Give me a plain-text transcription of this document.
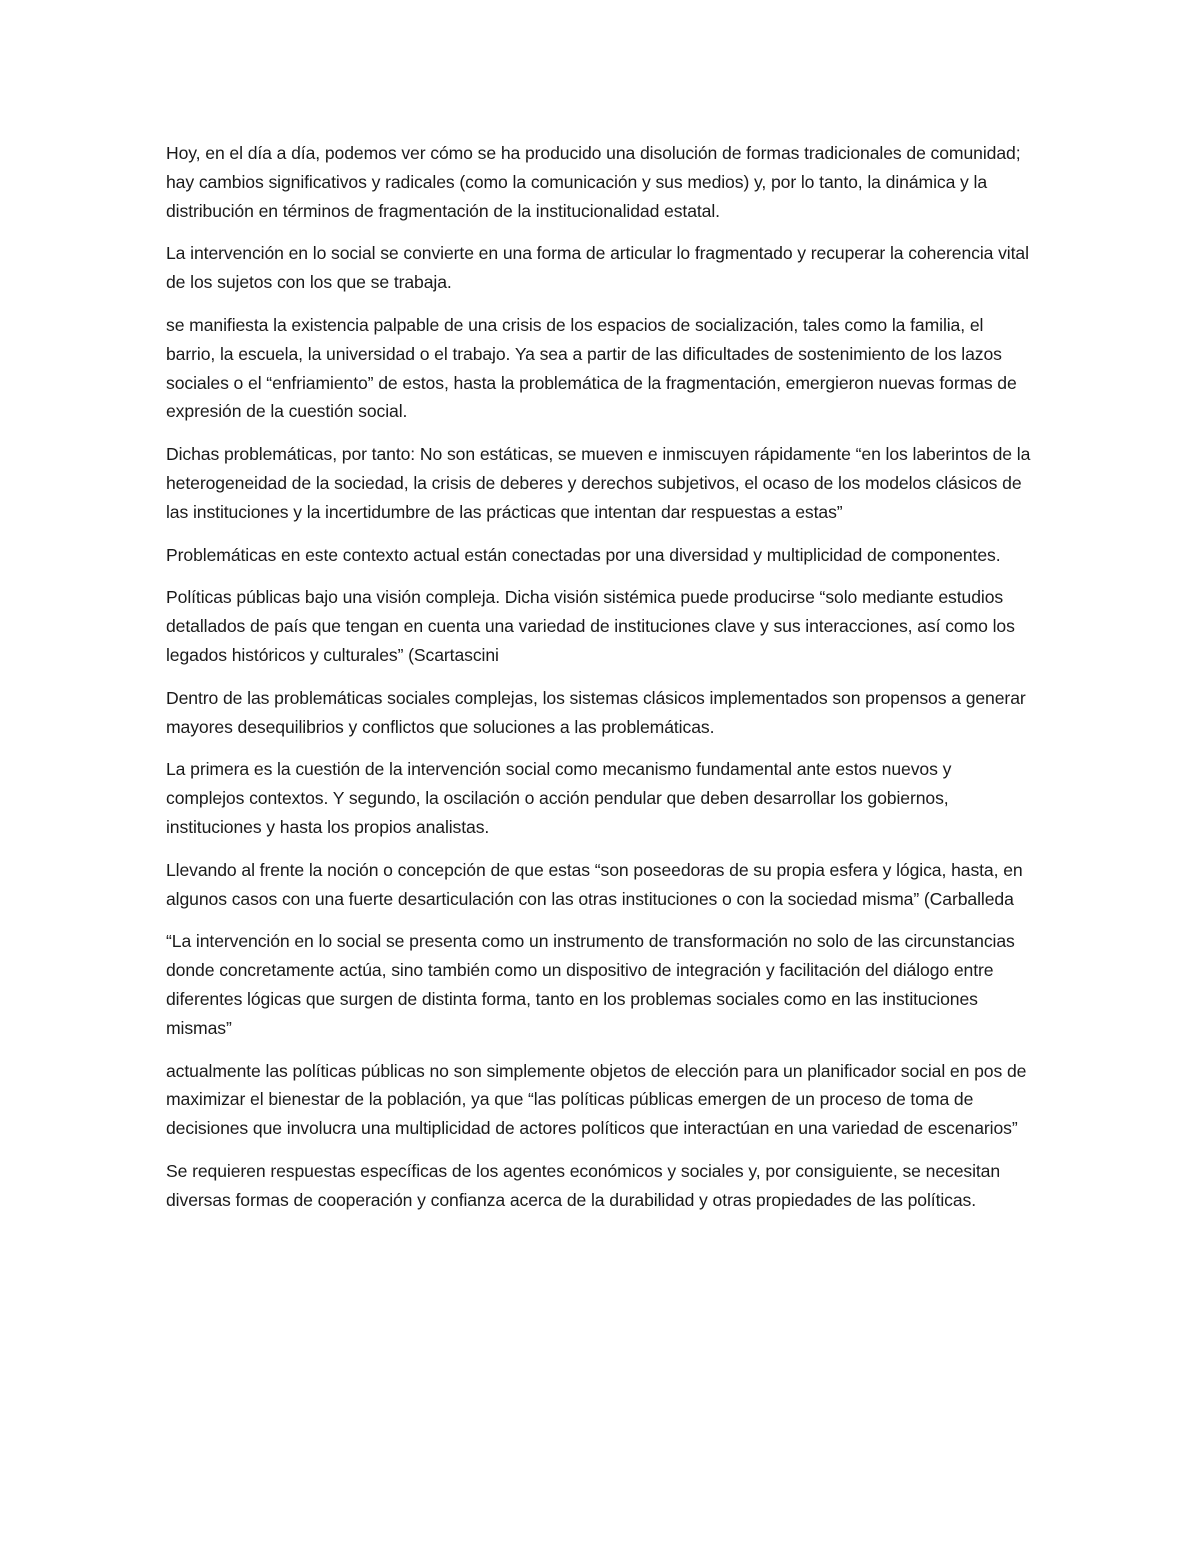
Hoy, en el día a día, podemos ver cómo se ha producido una disolución de formas tradicionales de comunidad; hay cambios significativos y radicales (como la comunicación y sus medios) y, por lo tanto, la dinámica y la distribución en términos de fragmentación de la institucionalidad estatal.

La intervención en lo social se convierte en una forma de articular lo fragmentado y recuperar la coherencia vital de los sujetos con los que se trabaja.

se manifiesta la existencia palpable de una crisis de los espacios de socialización, tales como la familia, el barrio, la escuela, la universidad o el trabajo. Ya sea a partir de las dificultades de sostenimiento de los lazos sociales o el “enfriamiento” de estos, hasta la problemática de la fragmentación, emergieron nuevas formas de expresión de la cuestión social.

Dichas problemáticas, por tanto: No son estáticas, se mueven e inmiscuyen rápidamente “en los laberintos de la heterogeneidad de la sociedad, la crisis de deberes y derechos subjetivos, el ocaso de los modelos clásicos de las instituciones y la incertidumbre de las prácticas que intentan dar respuestas a estas”

Problemáticas en este contexto actual están conectadas por una diversidad y multiplicidad de componentes.

Políticas públicas bajo una visión compleja. Dicha visión sistémica puede producirse “solo mediante estudios detallados de país que tengan en cuenta una variedad de instituciones clave y sus interacciones, así como los legados históricos y culturales” (Scartascini

Dentro de las problemáticas sociales complejas, los sistemas clásicos implementados son propensos a generar mayores desequilibrios y conflictos que soluciones a las problemáticas.

La primera es la cuestión de la intervención social como mecanismo fundamental ante estos nuevos y complejos contextos. Y segundo, la oscilación o acción pendular que deben desarrollar los gobiernos, instituciones y hasta los propios analistas.

Llevando al frente la noción o concepción de que estas “son poseedoras de su propia esfera y lógica, hasta, en algunos casos con una fuerte desarticulación con las otras instituciones o con la sociedad misma” (Carballeda

“La intervención en lo social se presenta como un instrumento de transformación no solo de las circunstancias donde concretamente actúa, sino también como un dispositivo de integración y facilitación del diálogo entre diferentes lógicas que surgen de distinta forma, tanto en los problemas sociales como en las instituciones mismas”

actualmente las políticas públicas no son simplemente objetos de elección para un planificador social en pos de maximizar el bienestar de la población, ya que “las políticas públicas emergen de un proceso de toma de decisiones que involucra una multiplicidad de actores políticos que interactúan en una variedad de escenarios”

Se requieren respuestas específicas de los agentes económicos y sociales y, por consiguiente, se necesitan diversas formas de cooperación y confianza acerca de la durabilidad y otras propiedades de las políticas.
